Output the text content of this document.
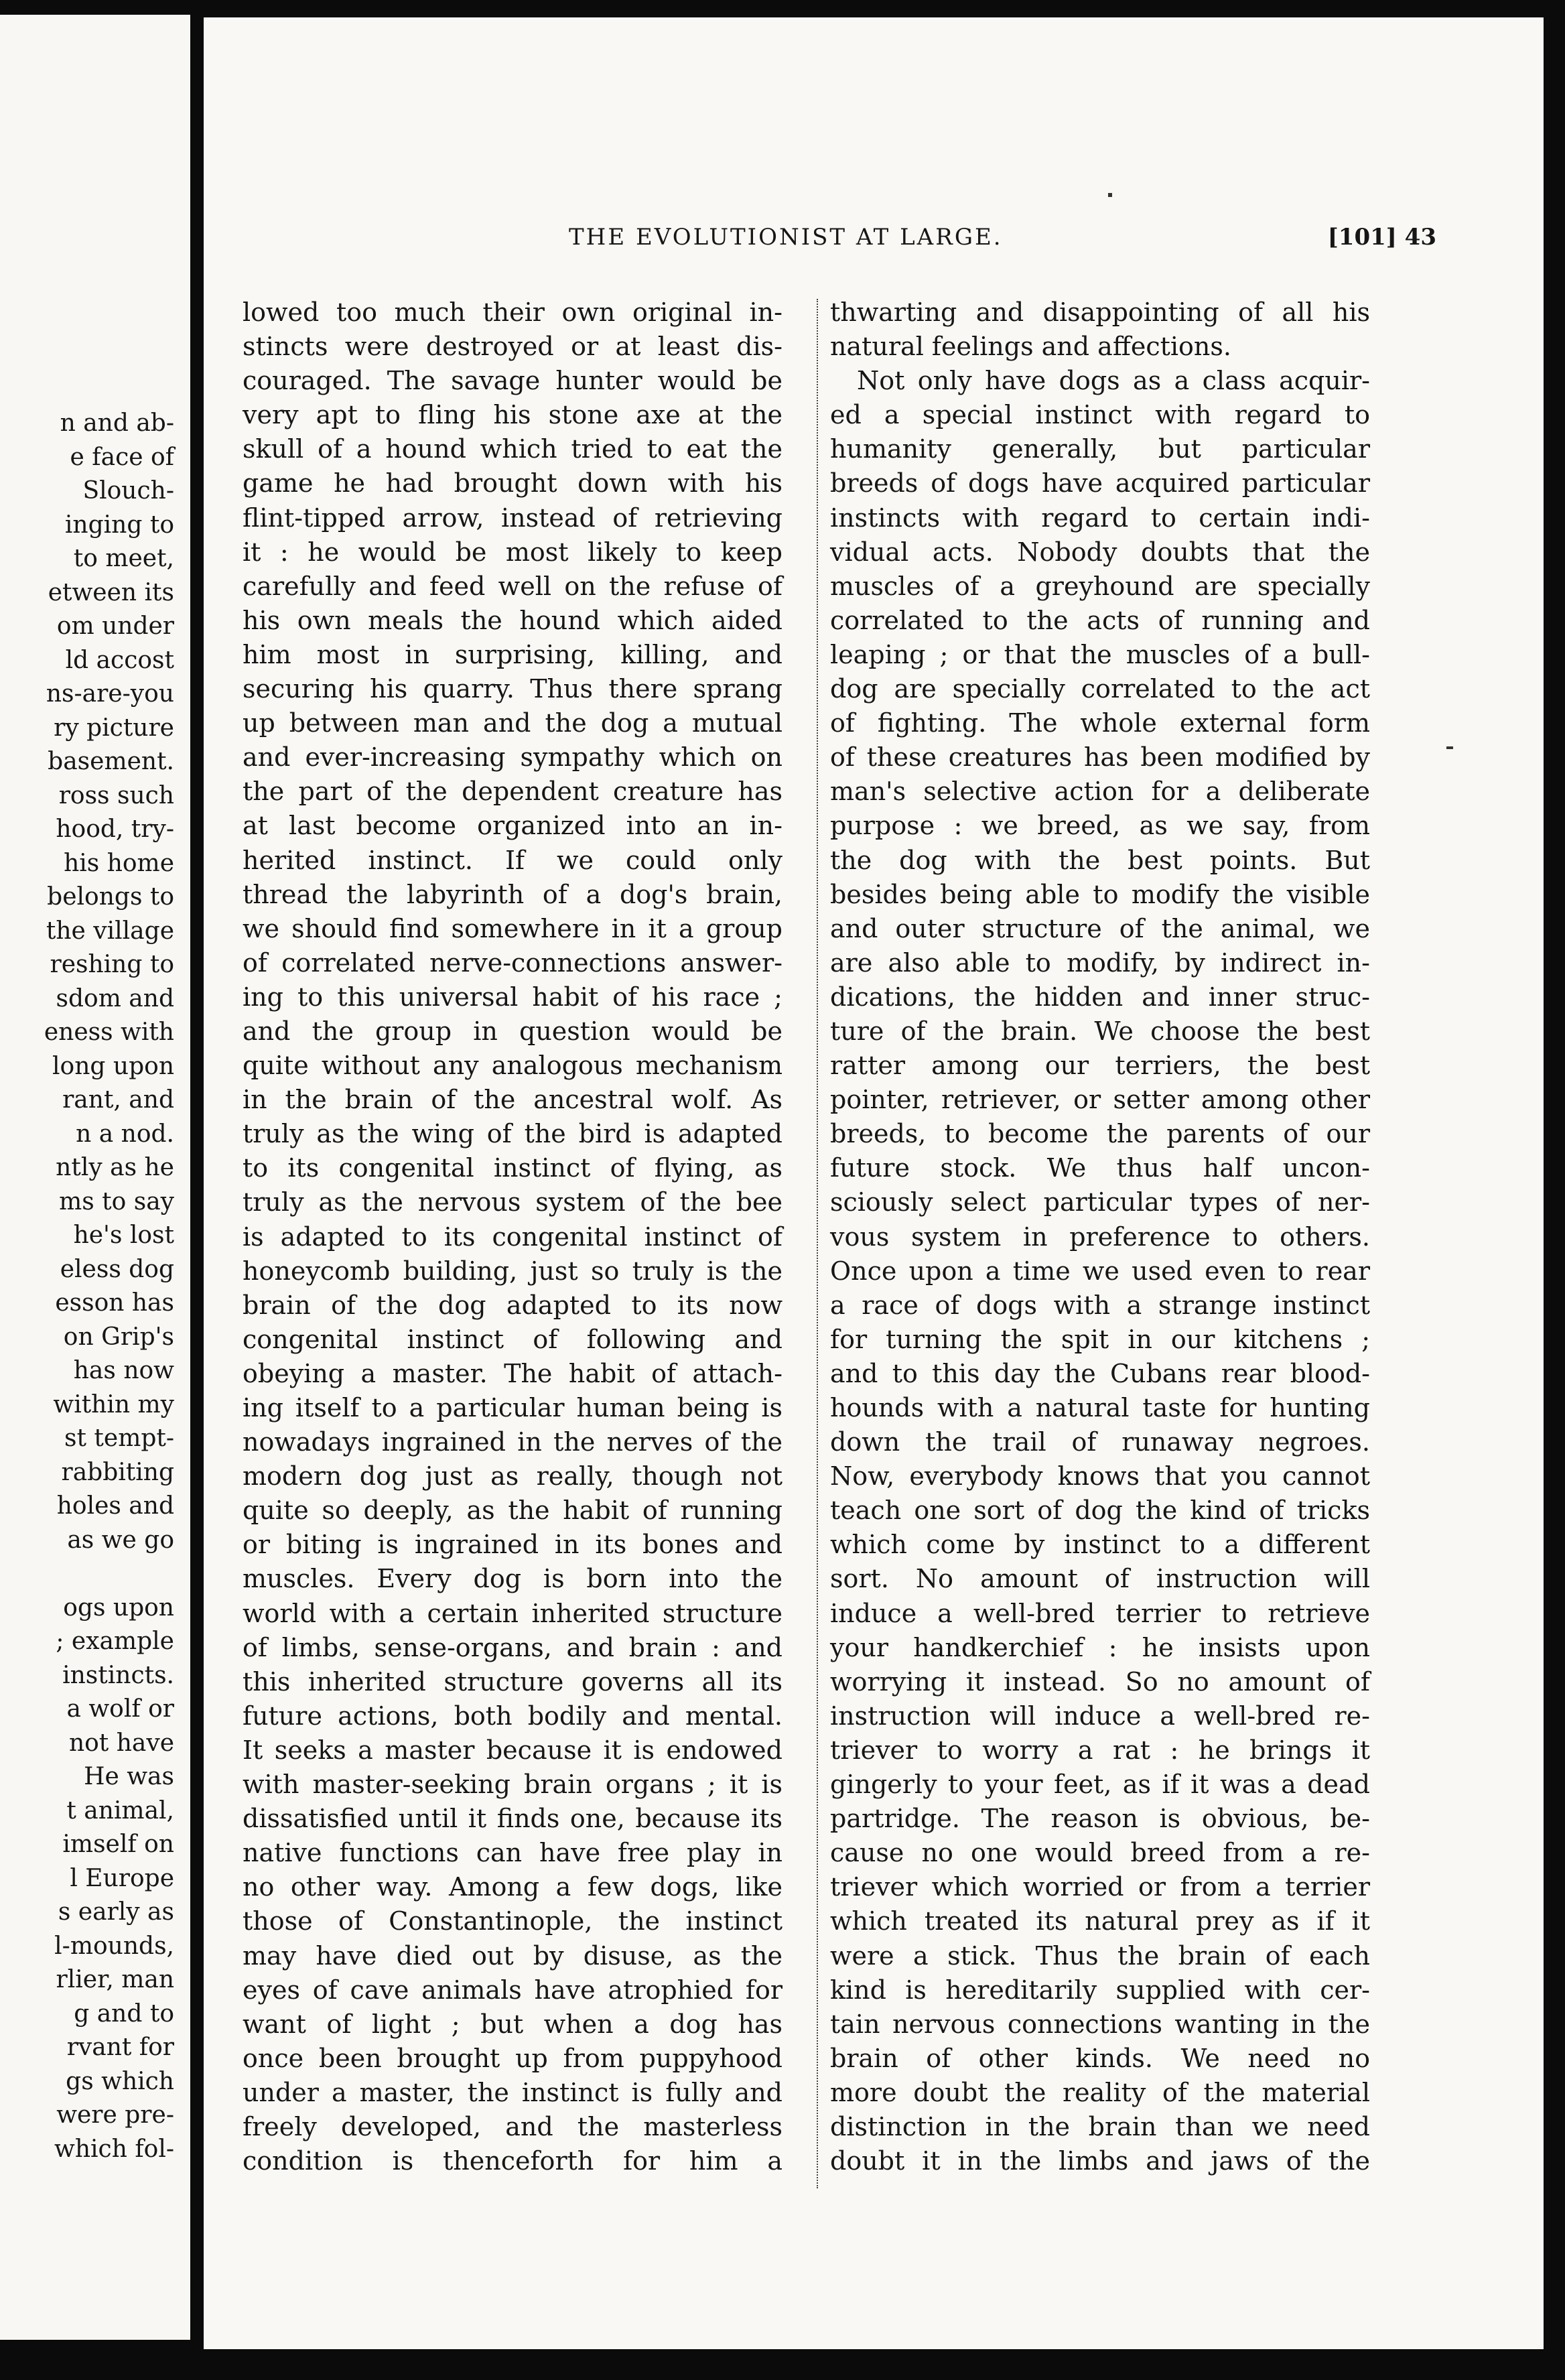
n and ab-
e face of
Slouch-
inging to
to meet,
etween its
om under
ld accost
ns-are-you
ry picture
basement.
ross such
hood, try-
his home
belongs to
the village
reshing to
sdom and
eness with
long upon
rant, and
n a nod.
ntly as he
ms to say
he's lost
eless dog
esson has
on Grip's
has now
within my
st tempt-
rabbiting
holes and
as we go
ogs upon
; example
instincts.
a wolf or
not have
He was
t animal,
imself on
l Europe
s early as
l-mounds,
rlier, man
g and to
rvant for
gs which
were pre-
which fol-
THE EVOLUTIONIST AT LARGE.	[101] 43
lowed too much their own original in-
stincts were destroyed or at least dis-
couraged. The savage hunter would be
very apt to fling his stone axe at the
skull of a hound which tried to eat the
game he had brought down with his
flint-tipped arrow, instead of retrieving
it : he would be most likely to keep
carefully and feed well on the refuse of
his own meals the hound which aided
him most in surprising, killing, and
securing his quarry. Thus there sprang
up between man and the dog a mutual
and ever-increasing sympathy which on
the part of the dependent creature has
at last become organized into an in-
herited instinct. If we could only
thread the labyrinth of a dog's brain,
we should find somewhere in it a group
of correlated nerve-connections answer-
ing to this universal habit of his race ;
and the group in question would be
quite without any analogous mechanism
in the brain of the ancestral wolf. As
truly as the wing of the bird is adapted
to its congenital instinct of flying, as
truly as the nervous system of the bee
is adapted to its congenital instinct of
honeycomb building, just so truly is the
brain of the dog adapted to its now
congenital instinct of following and
obeying a master. The habit of attach-
ing itself to a particular human being is
nowadays ingrained in the nerves of the
modern dog just as really, though not
quite so deeply, as the habit of running
or biting is ingrained in its bones and
muscles. Every dog is born into the
world with a certain inherited structure
of limbs, sense-organs, and brain : and
this inherited structure governs all its
future actions, both bodily and mental.
It seeks a master because it is endowed
with master-seeking brain organs ; it is
dissatisfied until it finds one, because its
native functions can have free play in
no other way. Among a few dogs, like
those of Constantinople, the instinct
may have died out by disuse, as the
eyes of cave animals have atrophied for
want of light ; but when a dog has
once been brought up from puppyhood
under a master, the instinct is fully and
freely developed, and the masterless
condition is thenceforth for him a
thwarting and disappointing of all his
natural feelings and affections.
Not only have dogs as a class acquir-
ed a special instinct with regard to
humanity generally, but particular
breeds of dogs have acquired particular
instincts with regard to certain indi-
vidual acts. Nobody doubts that the
muscles of a greyhound are specially
correlated to the acts of running and
leaping ; or that the muscles of a bull-
dog are specially correlated to the act
of fighting. The whole external form
of these creatures has been modified by
man's selective action for a deliberate
purpose : we breed, as we say, from
the dog with the best points. But
besides being able to modify the visible
and outer structure of the animal, we
are also able to modify, by indirect in-
dications, the hidden and inner struc-
ture of the brain. We choose the best
ratter among our terriers, the best
pointer, retriever, or setter among other
breeds, to become the parents of our
future stock. We thus half uncon-
sciously select particular types of ner-
vous system in preference to others.
Once upon a time we used even to rear
a race of dogs with a strange instinct
for turning the spit in our kitchens ;
and to this day the Cubans rear blood-
hounds with a natural taste for hunting
down the trail of runaway negroes.
Now, everybody knows that you cannot
teach one sort of dog the kind of tricks
which come by instinct to a different
sort. No amount of instruction will
induce a well-bred terrier to retrieve
your handkerchief : he insists upon
worrying it instead. So no amount of
instruction will induce a well-bred re-
triever to worry a rat : he brings it
gingerly to your feet, as if it was a dead
partridge. The reason is obvious, be-
cause no one would breed from a re-
triever which worried or from a terrier
which treated its natural prey as if it
were a stick. Thus the brain of each
kind is hereditarily supplied with cer-
tain nervous connections wanting in the
brain of other kinds. We need no
more doubt the reality of the material
distinction in the brain than we need
doubt it in the limbs and jaws of the
